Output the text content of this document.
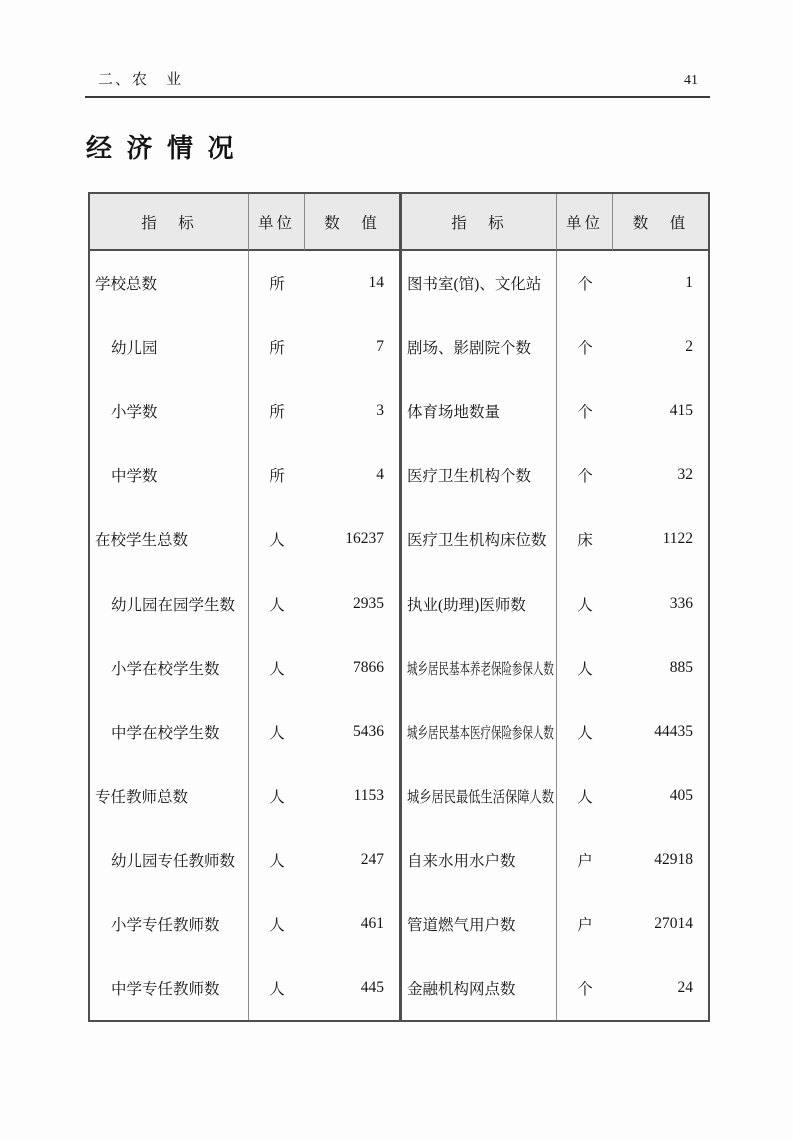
二、农　业	41
经 济 情 况
指　标	单位	数　值
学校总数	所	14
幼儿园	所	7
小学数	所	3
中学数	所	4
在校学生总数	人	16237
幼儿园在园学生数	人	2935
小学在校学生数	人	7866
中学在校学生数	人	5436
专任教师总数	人	1153
幼儿园专任教师数	人	247
小学专任教师数	人	461
中学专任教师数	人	445
指　标	单位	数　值
图书室(馆)、文化站	个	1
剧场、影剧院个数	个	2
体育场地数量	个	415
医疗卫生机构个数	个	32
医疗卫生机构床位数	床	1122
执业(助理)医师数	人	336
城乡居民基本养老保险参保人数	人	885
城乡居民基本医疗保险参保人数	人	44435
城乡居民最低生活保障人数	人	405
自来水用水户数	户	42918
管道燃气用户数	户	27014
金融机构网点数	个	24
